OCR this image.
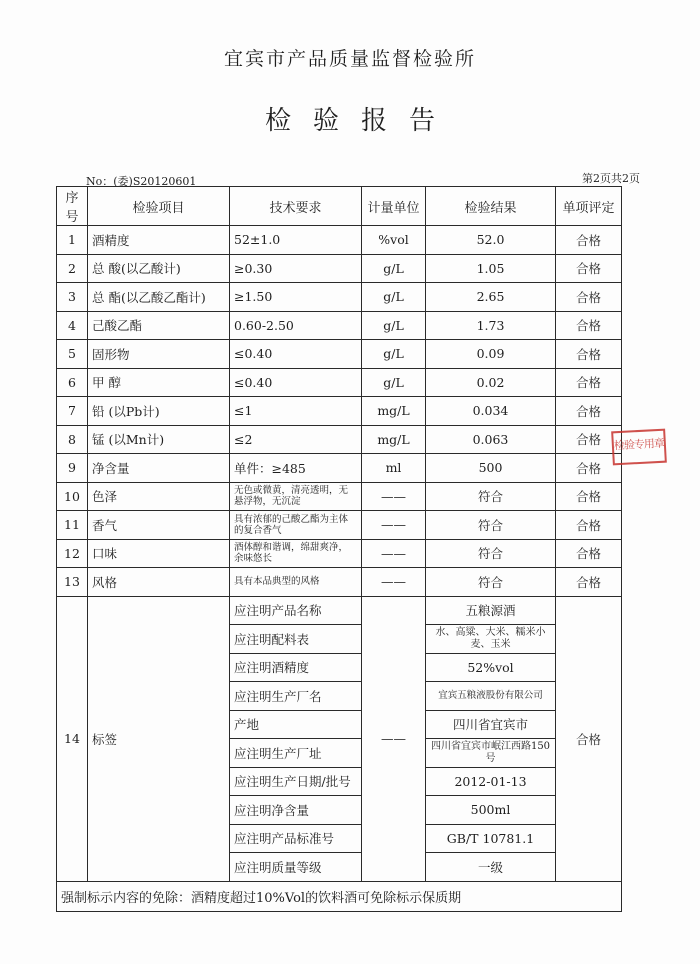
宜宾市产品质量监督检验所
检验报告
No：(委)S20120601	第2页共2页
序号	检验项目	技术要求	计量单位	检验结果	单项评定
1	酒精度	52±1.0	%vol	52.0	合格
2	总 酸(以乙酸计)	≥0.30	g/L	1.05	合格
3	总 酯(以乙酸乙酯计)	≥1.50	g/L	2.65	合格
4	己酸乙酯	0.60-2.50	g/L	1.73	合格
5	固形物	≤0.40	g/L	0.09	合格
6	甲 醇	≤0.40	g/L	0.02	合格
7	铅 (以Pb计)	≤1	mg/L	0.034	合格
8	锰 (以Mn计)	≤2	mg/L	0.063	合格
9	净含量	单件：≥485	ml	500	合格
10	色泽	无色或微黄，清亮透明，无悬浮物，无沉淀	——	符合	合格
11	香气	具有浓郁的己酸乙酯为主体的复合香气	——	符合	合格
12	口味	酒体醇和谐调，绵甜爽净，余味悠长	——	符合	合格
13	风格	具有本品典型的风格	——	符合	合格
14	标签	应注明产品名称	——	五粮源酒	合格
		应注明配料表		水、高粱、大米、糯米小麦、玉米	
		应注明酒精度		52%vol	
		应注明生产厂名		宜宾五粮液股份有限公司	
		产地		四川省宜宾市	
		应注明生产厂址		四川省宜宾市岷江西路150号	
		应注明生产日期/批号		2012-01-13	
		应注明净含量		500ml	
		应注明产品标准号		GB/T 10781.1	
		应注明质量等级		一级	
强制标示内容的免除：酒精度超过10%Vol的饮料酒可免除标示保质期					
检验专用章
